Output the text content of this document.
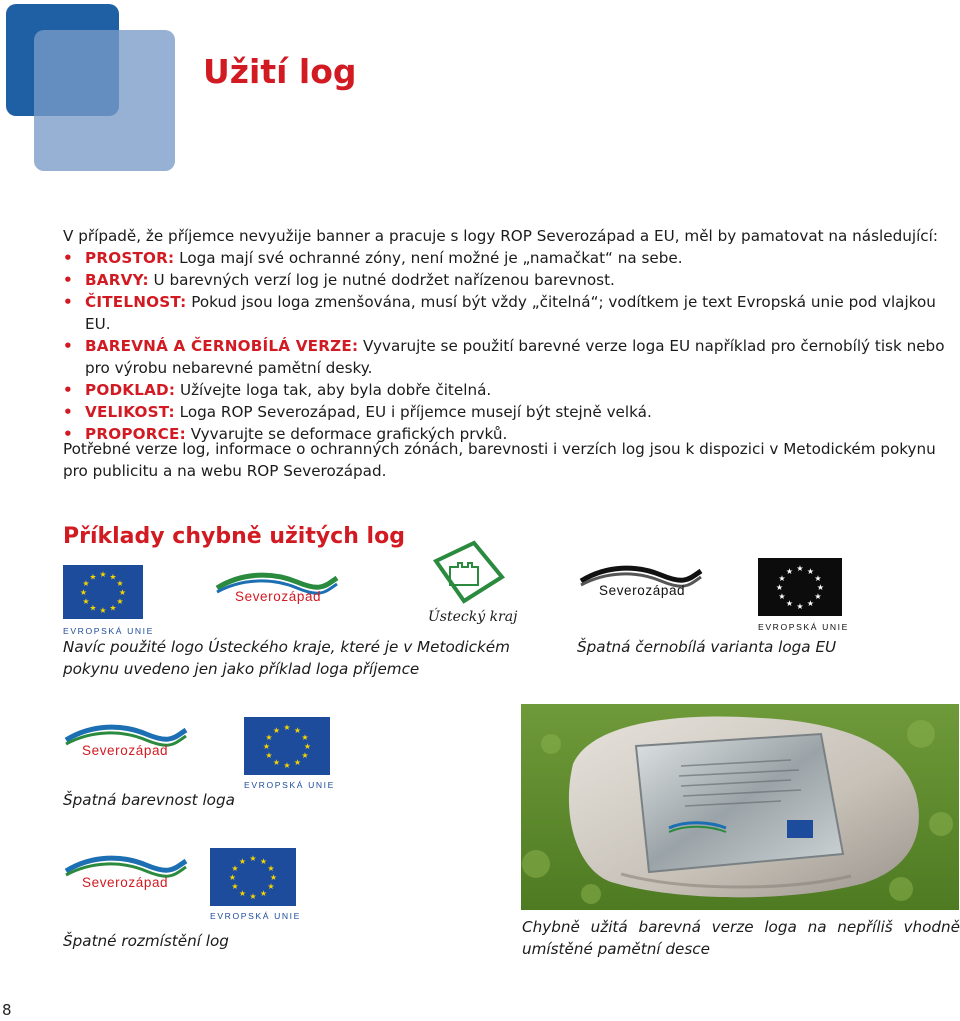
Užití log
V případě, že příjemce nevyužije banner a pracuje s logy ROP Severozápad a EU, měl by pamatovat na následující:
• PROSTOR: Loga mají své ochranné zóny, není možné je „namačkat“ na sebe.
• BARVY: U barevných verzí log je nutné dodržet nařízenou barevnost.
• ČITELNOST: Pokud jsou loga zmenšována, musí být vždy „čitelná“; vodítkem je text Evropská unie pod vlajkou EU.
• BAREVNÁ A ČERNOBÍLÁ VERZE: Vyvarujte se použití barevné verze loga EU například pro černobílý tisk nebo pro výrobu nebarevné pamětní desky.
• PODKLAD: Užívejte loga tak, aby byla dobře čitelná.
• VELIKOST: Loga ROP Severozápad, EU i příjemce musejí být stejně velká.
• PROPORCE: Vyvarujte se deformace grafických prvků.
Potřebné verze log, informace o ochranných zónách, barevnosti i verzích log jsou k dispozici v Metodickém pokynu pro publicitu a na webu ROP Severozápad.
Příklady chybně užitých log
★ ★
★
★
★
★
★
★
★
★
★
★
EVROPSKÁ UNIE
Severozápad
Ústecký kraj
Navíc použité logo Ústeckého kraje, které je v Metodickém pokynu uvedeno jen jako příklad loga příjemce
Severozápad
★ ★
★
★
★
★
★
★
★
★
★
★
EVROPSKÁ UNIE
Špatná černobílá varianta loga EU
Severozápad
★ ★
★
★
★
★
★
★
★
★
★
★
EVROPSKÁ UNIE
Špatná barevnost loga
Severozápad
★ ★
★
★
★
★
★
★
★
★
★
★
EVROPSKÁ UNIE
Špatné rozmístění log
Chybně užitá barevná verze loga na nepříliš vhodně umístěné pamětní desce
8
